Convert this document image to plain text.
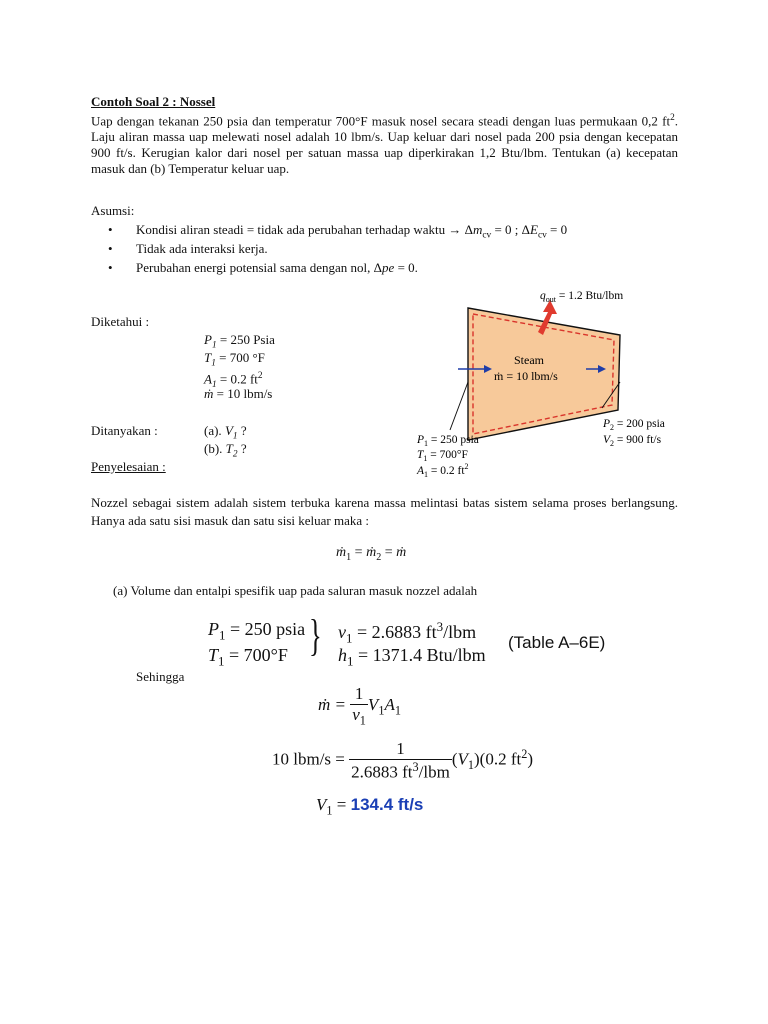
Contoh Soal 2 : Nossel
Uap dengan tekanan 250 psia dan temperatur 700°F masuk nosel secara steadi dengan luas permukaan 0,2 $ft^2$. Laju aliran massa uap melewati nosel adalah 10 lbm/s. Uap keluar dari nosel pada 200 psia dengan kecepatan 900 ft/s. Kerugian kalor dari nosel per satuan massa uap diperkirakan 1,2 Btu/lbm. Tentukan (a) kecepatan masuk dan (b) Temperatur keluar uap.
Asumsi:
• Kondisi aliran steadi = tidak ada perubahan terhadap waktu → $\Delta m_{cv} = 0$ ; $\Delta E_{cv} = 0$
• Tidak ada interaksi kerja.
• Perubahan energi potensial sama dengan nol, Δpe = 0.
Diketahui :
$P_1 = 250$ Psia
$T_1 = 700$ °F
$A_1 = 0.2$ $ft^2$
ṁ = 10 lbm/s
Ditanyakan :	(a). $V_1$ ?
(b). $T_2$ ?
Penyelesaian :
$q_{out} = 1.2$ Btu/lbm
Steam
ṁ = 10 lbm/s
$P_1 = 250$ psia
$T_1 = 700^\circ F$
$A_1 = 0.2$ $ft^2$
$P_2 = 200$ psia
$V_2 = 900$ ft/s
Nozzel sebagai sistem adalah sistem terbuka karena massa melintasi batas sistem selama proses berlangsung. Hanya ada satu sisi masuk dan satu sisi keluar maka :
ṁ$_1$ = ṁ$_2$ = ṁ
(a) Volume dan entalpi spesifik uap pada saluran masuk nozzel adalah
$P_1 = 250$ psia
$T_1 = 700^\circ F$ } $v_1 = 2.6883$ $ft^3$/lbm
$h_1 = 1371.4$ Btu/lbm
(Table A–6E)
Sehingga
ṁ = $\frac{1}{v_1} V_1A_1$
10 $lbm/s = \frac{1}{2.6883 ft^3/lbm} (V_1)(0.2$ $ft^2$)
$V_1 = 134.4$ ft/s
